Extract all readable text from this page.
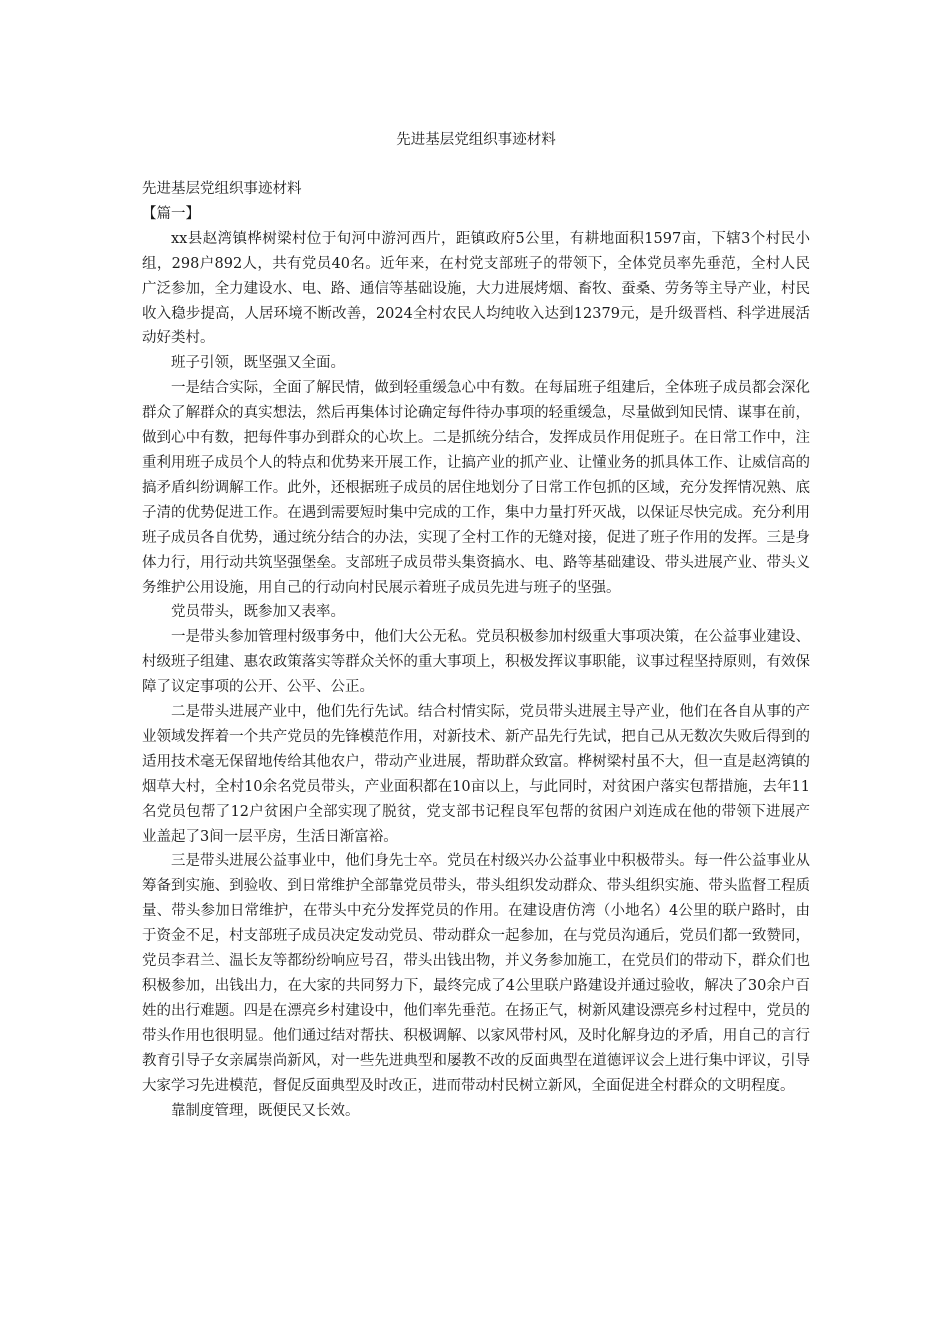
先进基层党组织事迹材料

先进基层党组织事迹材料

【篇一】

xx县赵湾镇桦树梁村位于旬河中游河西片，距镇政府5公里，有耕地面积1597亩，下辖3个村民小组，298户892人，共有党员40名。近年来，在村党支部班子的带领下，全体党员率先垂范，全村人民广泛参加，全力建设水、电、路、通信等基础设施，大力进展烤烟、畜牧、蚕桑、劳务等主导产业，村民收入稳步提高，人居环境不断改善，2024全村农民人均纯收入达到12379元，是升级晋档、科学进展活动好类村。

班子引领，既坚强又全面。

一是结合实际，全面了解民情，做到轻重缓急心中有数。在每届班子组建后，全体班子成员都会深化群众了解群众的真实想法，然后再集体讨论确定每件待办事项的轻重缓急，尽量做到知民情、谋事在前，做到心中有数，把每件事办到群众的心坎上。二是抓统分结合，发挥成员作用促班子。在日常工作中，注重利用班子成员个人的特点和优势来开展工作，让搞产业的抓产业、让懂业务的抓具体工作、让威信高的搞矛盾纠纷调解工作。此外，还根据班子成员的居住地划分了日常工作包抓的区域，充分发挥情况熟、底子清的优势促进工作。在遇到需要短时集中完成的工作，集中力量打歼灭战，以保证尽快完成。充分利用班子成员各自优势，通过统分结合的办法，实现了全村工作的无缝对接，促进了班子作用的发挥。三是身体力行，用行动共筑坚强堡垒。支部班子成员带头集资搞水、电、路等基础建设、带头进展产业、带头义务维护公用设施，用自己的行动向村民展示着班子成员先进与班子的坚强。

党员带头，既参加又表率。

一是带头参加管理村级事务中，他们大公无私。党员积极参加村级重大事项决策，在公益事业建设、村级班子组建、惠农政策落实等群众关怀的重大事项上，积极发挥议事职能，议事过程坚持原则，有效保障了议定事项的公开、公平、公正。

二是带头进展产业中，他们先行先试。结合村情实际，党员带头进展主导产业，他们在各自从事的产业领域发挥着一个共产党员的先锋模范作用，对新技术、新产品先行先试，把自己从无数次失败后得到的适用技术毫无保留地传给其他农户，带动产业进展，帮助群众致富。桦树梁村虽不大，但一直是赵湾镇的烟草大村，全村10余名党员带头，产业面积都在10亩以上，与此同时，对贫困户落实包帮措施，去年11名党员包帮了12户贫困户全部实现了脱贫，党支部书记程良军包帮的贫困户刘连成在他的带领下进展产业盖起了3间一层平房，生活日渐富裕。

三是带头进展公益事业中，他们身先士卒。党员在村级兴办公益事业中积极带头。每一件公益事业从筹备到实施、到验收、到日常维护全部靠党员带头，带头组织发动群众、带头组织实施、带头监督工程质量、带头参加日常维护，在带头中充分发挥党员的作用。在建设唐仿湾（小地名）4公里的联户路时，由于资金不足，村支部班子成员决定发动党员、带动群众一起参加，在与党员沟通后，党员们都一致赞同，党员李君兰、温长友等都纷纷响应号召，带头出钱出物，并义务参加施工，在党员们的带动下，群众们也积极参加，出钱出力，在大家的共同努力下，最终完成了4公里联户路建设并通过验收，解决了30余户百姓的出行难题。四是在漂亮乡村建设中，他们率先垂范。在扬正气，树新风建设漂亮乡村过程中，党员的带头作用也很明显。他们通过结对帮扶、积极调解、以家风带村风，及时化解身边的矛盾，用自己的言行教育引导子女亲属崇尚新风，对一些先进典型和屡教不改的反面典型在道德评议会上进行集中评议，引导大家学习先进模范，督促反面典型及时改正，进而带动村民树立新风，全面促进全村群众的文明程度。

靠制度管理，既便民又长效。
